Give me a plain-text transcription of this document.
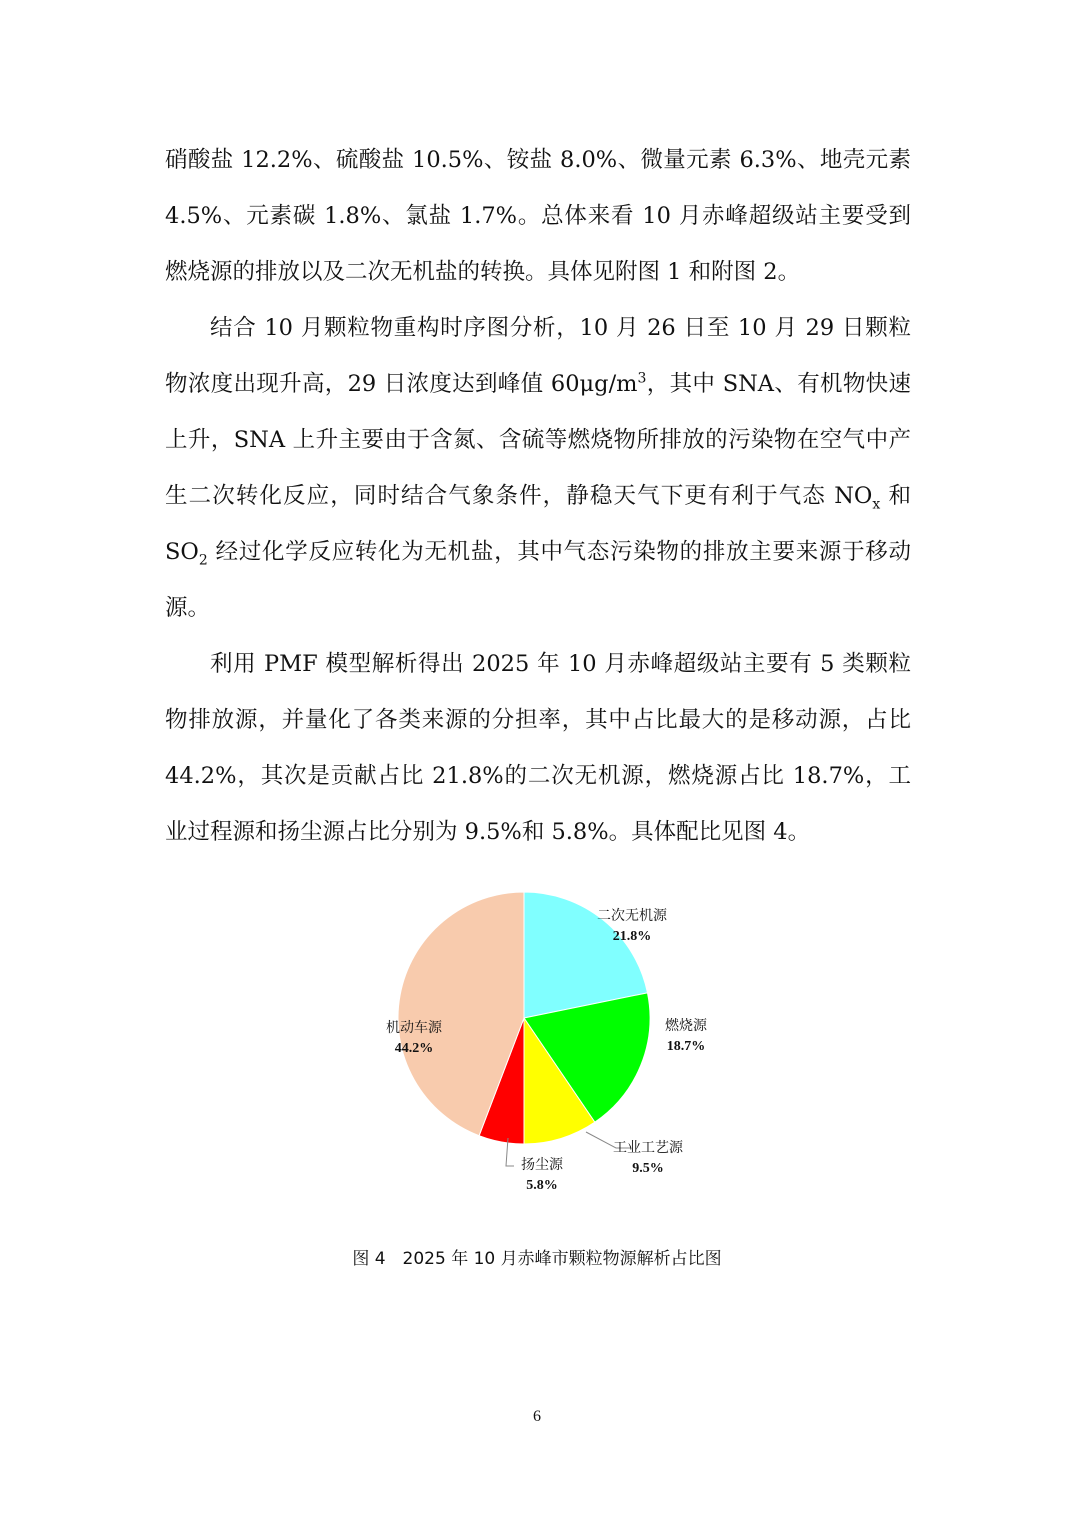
硝酸盐 12.2%、硫酸盐 10.5%、铵盐 8.0%、微量元素 6.3%、地壳元素 4.5%、元素碳 1.8%、氯盐 1.7%。总体来看 10 月赤峰超级站主要受到燃烧源的排放以及二次无机盐的转换。具体见附图 1 和附图 2。

结合 10 月颗粒物重构时序图分析，10 月 26 日至 10 月 29 日颗粒物浓度出现升高，29 日浓度达到峰值 $60\mu g/m^3$，其中 SNA、有机物快速上升，SNA 上升主要由于含氮、含硫等燃烧物所排放的污染物在空气中产生二次转化反应，同时结合气象条件，静稳天气下更有利于气态 $NO_x$ 和 $SO_2$ 经过化学反应转化为无机盐，其中气态污染物的排放主要来源于移动源。

利用 PMF 模型解析得出 2025 年 10 月赤峰超级站主要有 5 类颗粒物排放源，并量化了各类来源的分担率，其中占比最大的是移动源，占比 44.2%，其次是贡献占比 21.8%的二次无机源，燃烧源占比 18.7%，工业过程源和扬尘源占比分别为 9.5%和 5.8%。具体配比见图 4。

二次无机源
21.8%
燃烧源
18.7%
工业工艺源
9.5%
扬尘源
5.8%
机动车源
44.2%
图 4　2025 年 10 月赤峰市颗粒物源解析占比图
6
